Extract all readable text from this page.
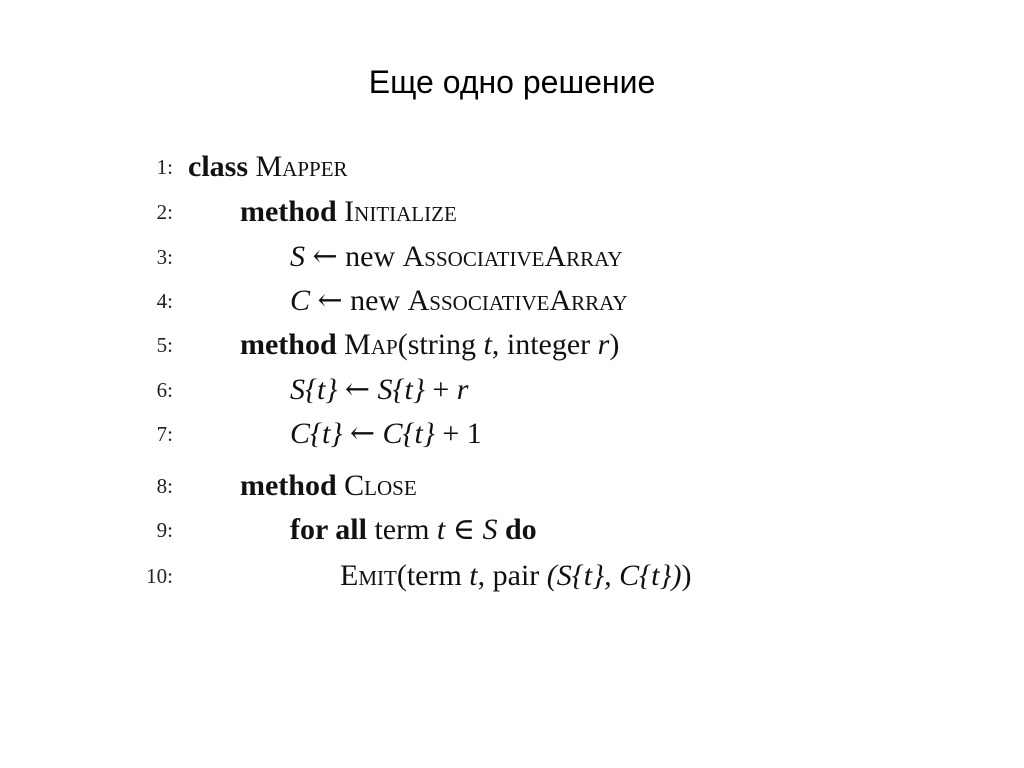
Еще одно решение
1: class Mapper
2: method Initialize
3:	S ← new AssociativeArray
4:	C ← new AssociativeArray
5: method Map(string t, integer r)
6:	S{t} ← S{t} + r
7:	C{t} ← C{t} + 1
8: method Close
9:	for all term t ∈ S do
10:	Emit(term t, pair (S{t}, C{t}))
